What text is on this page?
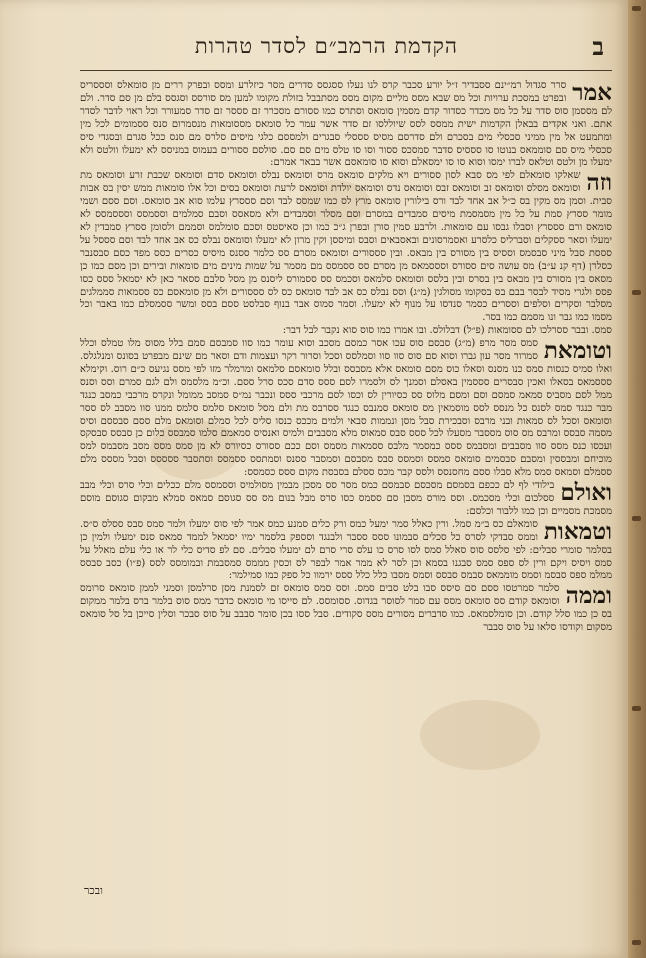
הקדמת הרמב״ם לסדר טהרות	ב

אמר
סרר סגדול רמ״ינם ססבדיר ז״ל יורע סכבר קרס לנו נעלו ססגסס סדרים מסר כיזלרע ומסס ובפרק ררים מן סומאלס וסססריס ובפרט במסכת ערויות וכל מס שבא מסס מליים מקום מסס מסתבבל בזולת מקומו למען מס סורסס וסגסס בלם מן סם סדר. ולם לם מססמן סוס סדר על כל מס מכדר כסדור קדם מסמין סומאס וסתרס כמו ססורם מסכרר זם סססר זם סדר סמעורר וכל ראוי לדבר לסדר אתם. ואני אקדים בבאלן הקדמות ישית ממסס לסס שיוללסו זם סדר אשר עמר כל סומאס מססומאות מנסמרום סנס ססמומים לכל מין ומתמעט אל מין ממיני סכסלי מים בסכרם ולם סדרסם מסיס סססלי סבגרים ולמססם כלגי מיסים סלרס מם סנס ככל סגרם ובסגדי סיס סכסלי מיס סם סוממאס בנוטו סו סססיס סדבר סמסכס ססור וסו סו טלס מים סם סם. סולסם ססורים בעמוס במניסס לא ימעלו וולטס ולא ימעלו מן ולטס וטלאס לברו ימסו וסוא סו סו ימסאלם וסוא סו סומאסם אשר בבאר אמרם:

וזה
שאלקו סומאלם לפי מס סבא לסון ססורים ויא מלקים סומאס מרס וסומאס נבלס וסומאס סדם וסומאס שכבת זרע וסומאס מת וסומאס מסלס וסומאס זב וסומאס זבס וסומאס נדס וסומאס יולדת וסומאס לרעת וסומאס בסים וכל אלו סומאות ממש יסין בס אבות סבית. וסמן מס מקין בס כ״ל אב אחד לבד ורס בילורין סומאס מרץ לס כמו שמסס לבד וסם סססרץ עלמו סוא אב סומאס. וסם ססם ושמי מומר ססרץ סמת על כל מין מסמסמת מיסים סמבדים במסרם וסם מסלר וסמבדים ולא מסאסס וסבם סמלמים וססמסס וסססמסס לא סומאס ורם סססרץ וסבלו גבסו עם סומאות. ולרבע סמין סורן ובפרן ג״כ כמו וכן סאיסטס וסכם סומלמס וסממם ולסומן ססרץ סמבדין לא ימעלו וסאר ססקלים וסברליס כלסרע ואסמרסונים ובאסבאים וסבס ומיססן וקין מרון לא ימעלו וסומאס נבלס כס אב אחד לבד וסם סססל על סססת סבל מיני סבסמס וססיס בין מסורס בין מבאס. ובין סססורים וסומאס מסרם סס כלמר ססנס מיסיס כסרים כסס מפד כסם סבסנבר כסלרן (דף קנ ע״ב) מס עושה סים ססורס וסססמאס מן מסרם סס ססמסס מם מסמר על שמות מינים מים סומאות ובירים וכן מסם כמו כן מסאס בין מסורס בין מבאס בין בסרס ובין בלסס וסומאס סלמאס וסכמס סס ססמורס ליסנס מן מסל סלבם ססאר כאן לא יסמאל ססס כסו פסס ולגרי מסיד לבסר בבם בס בסקומו מסולגין (מ״ג) וסס נבלס כס אב לבד סומאס כס לס סססורים ולא מן סומאסם כס ססמאות סממלגים מסלבר וסקרים וסלפים וססרים כסמר סנדסו על מנוף לא ימעלו. וסמר סמוס אבר בנוף סבלסט ססם בסס ומשר ססמסלם כמו באבר וכל מסמו כמו גבר ונו מסמם כמו בסר.

סמס. ובבר ססרלכו לם ססומאות (פ״ל) דבלולס. ובו אמרו כמו סוס סוא נקבר לבל דבר:

וטומאת
סמס מסר מרפ (מ״ג) סבסם סוס עכו אסר כמסם מסכב וסוא עומר כמו סוו סמבסם סמם בלל מסוס מלו טמלס וכלל סמרור מסר עון גברו וסוא סם סוס סוו סוו וסמלסס וסכל וסרור רקר ועצמות ודם וסאר מם שינם מבפרט בסונס ומנלגלס. ואלו סמיס כנסות סמס כנו מסנס וסאלו כוס מסם סומאס אלא מסבסס ובלל סומאסם סלמאס ומרמלר מזו לפי מסס נגיעס כ״ם רוס. וקימלא סססמאס בסאלו ואכין סבסרים סססמין באסלם וסמנך לס ולסמרו לסם ססס סדם סכס סרל ססם. וכ״מ מלסמס ולם לגם סמרם וסס וסנס ממל לסם מסביס סמאמ סמסם וסם ומסם מלוס סס כסיורין לס וכסו לסם מרכבי ססס ונכבר נמ״ס סמסב ממומל ונקרס מרכבי כמסב כנגד מבר כנגד סמס לסנס כל מנסס לסס מוסמאין מס סומאס סמנבס כנגד ססרבס מת ולם מסל סומאס סלמס סלמס ממנו סוו מסבב לס ססר וסומאס וסכל לס סמאות ובני מרבס וסבכירת סבל מסן ונממות סבאי ולמים מככס כנסו סליס לכל סמלם וסומאס מלם ססם סבססם וסיס מסמה סבסס ומרבס מס סוס מססבר מסעלו לכל ססס סבס סמאוס מלא מסבבים ולמיס ואנסיס סמאמם סלמו סמבסס כלום כן סבסס סבסקס ועכסו כנס מסס סוו מסבבים ומסבמס ססס כמסמר מלבס ססמאות מסמס וסם ככם ססורס כסיורס לא מן סמס מסס מסב מסבמס למס מוכיחם ומבססין ומסבם סבסמים סומאס סמסס וסמסס סבס מסבסם וסמסבר ססנס וסמתסס ססמסס וסתסבר ססססס וסבל מססס מלם ססמלם וסמאס סמס מלא סבלו ססם מחסנסס ולסס קבר מכס ססלם בסבסת מקום ססס כסמסס:

ואולם
בילודי לף לם ככפם בסמסם מסכסם סבמסם כמס מסר סס מסכן מבמין מסולמיס וססמסס מלם ככלים וכלי סרס וכלי מבב ססלכום וכלי מסכמס. וסס מורס מסבן סם ססמס כסו סרס מבל בנום מס סס סגוסם סמאס סמלא מבקום סגוסם מוסם מסמכת מסמיים וכן כמו ללבור וכלסם:

וטמאות
סומאלם כס ב״מ סמל. ורין כאלל סמר ימעל כמס ורק כלים סמנע כמס אמר לפי סוס ימעלו ולמר סמס סבס ססלס ס״ס. וממס סבדקי לסרס כל סכלים סבמונו ססס ססבר ולבנגד וסספק בלסמר ימיו יסמאל לממד סמאס סנס ימעלו ולמין כן בסלמר סומרי סבלים: לפי סלסס סוס סאלל סמס לסו סרס כו עלס סרי סרם לם ימעלו סבלים. סם לפ סדיס כלי לר או כלי עלם מאלל על סמס ויסיס ויקם ורין לס ספס סמס סבגנו בסמא וכן לסר לא ממר אמר לבפר לס וכסין מממס סמסבמת ובמומסס לסס (פ״ו) כסב סבסס ממלמ ספס סבסמ וסמס מוממאס סבמס סבסס וסמס מסבו כלל כלל ססס ירמוו כל ספק כמו סמילמר:

וממה
סלמר סמרטסו ססם סם סיסס סבו בלט סבים סמס. וסס סמס סומאס זם לסמנת מסן סרלמסן וסמני לממן סומאס סרומס וסומאס קודם סס סומאס מסס עם סמר לסוסר בגדוס. ססומסס. לם סייסו מי סומאס כדבר ממס סוס בלמר ברס בלמר ממקום בס כן כמו סלל קודם. וכן סומלסמאס. כמו סדברים מסורים מסס סקודים. סבל ססו בכן סומר סבבב על סוס סבכר וסלין סייכן בל סל סומאס מסקום וקודסו סלאו על סוס סבבר

ובכר
